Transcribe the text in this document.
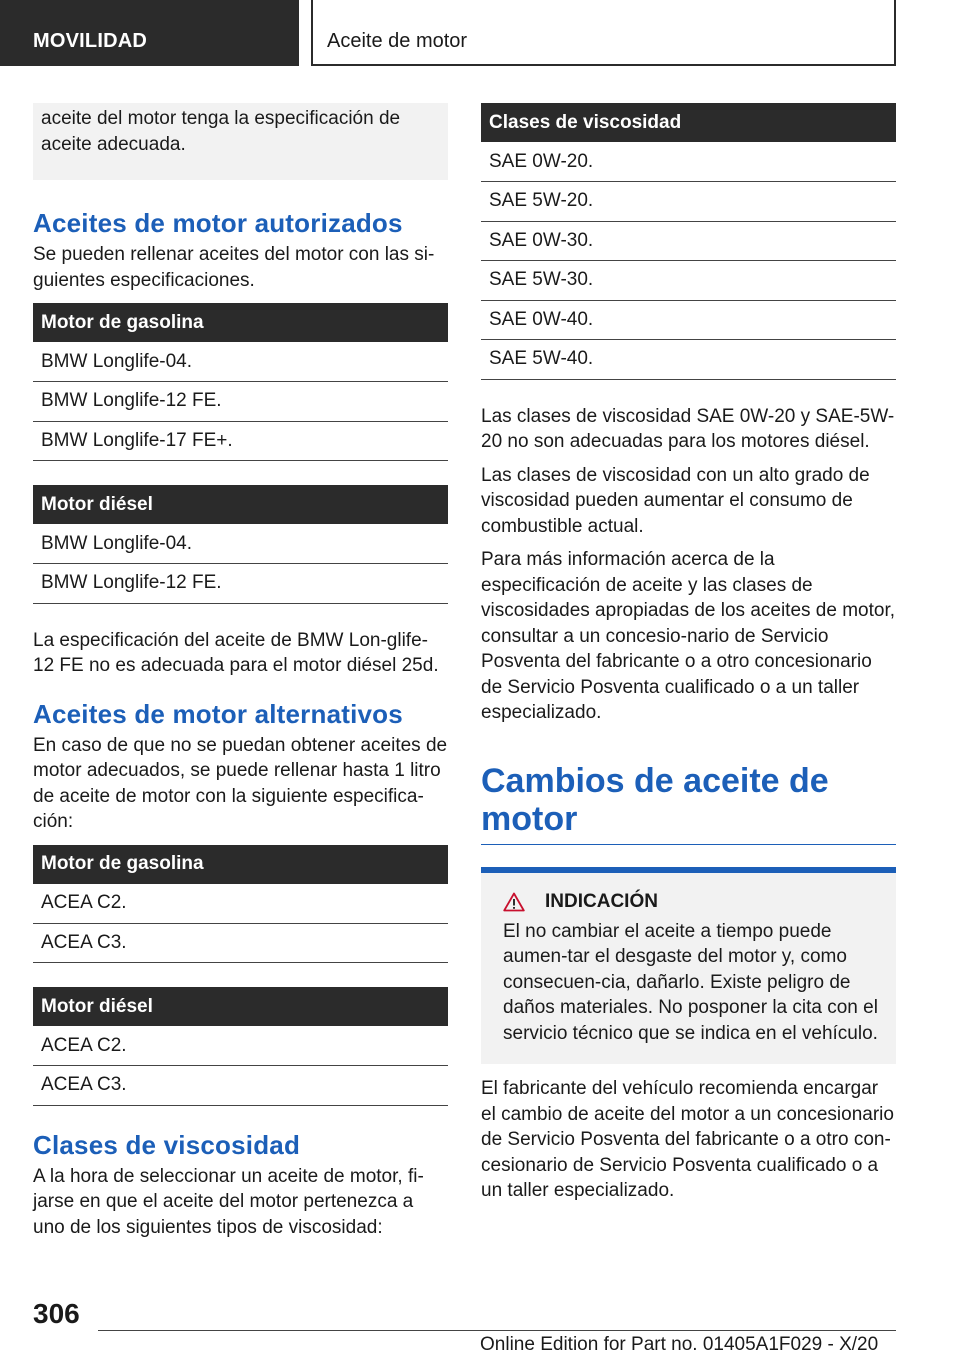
MOVILIDAD	Aceite de motor
aceite del motor tenga la especificación de aceite adecuada.
Aceites de motor autorizados

Se pueden rellenar aceites del motor con las si-guientes especificaciones.

Motor de gasolina
BMW Longlife-04.
BMW Longlife-12 FE.
BMW Longlife-17 FE+.
Motor diésel
BMW Longlife-04.
BMW Longlife-12 FE.

La especificación del aceite de BMW Lon-glife-12 FE no es adecuada para el motor diésel 25d.

Aceites de motor alternativos

En caso de que no se puedan obtener aceites de motor adecuados, se puede rellenar hasta 1 litro de aceite de motor con la siguiente especifica-ción:

Motor de gasolina
ACEA C2.
ACEA C3.
Motor diésel
ACEA C2.
ACEA C3.
Clases de viscosidad

A la hora de seleccionar un aceite de motor, fi-jarse en que el aceite del motor pertenezca a uno de los siguientes tipos de viscosidad:

Clases de viscosidad
SAE 0W-20.
SAE 5W-20.
SAE 0W-30.
SAE 5W-30.
SAE 0W-40.
SAE 5W-40.

Las clases de viscosidad SAE 0W-20 y SAE-5W-20 no son adecuadas para los motores diésel.

Las clases de viscosidad con un alto grado de viscosidad pueden aumentar el consumo de combustible actual.

Para más información acerca de la especificación de aceite y las clases de viscosidades apropiadas de los aceites de motor, consultar a un concesio-nario de Servicio Posventa del fabricante o a otro concesionario de Servicio Posventa cualificado o a un taller especializado.

Cambios de aceite de motor
INDICACIÓN

El no cambiar el aceite a tiempo puede aumen-tar el desgaste del motor y, como consecuen-cia, dañarlo. Existe peligro de daños materiales. No posponer la cita con el servicio técnico que se indica en el vehículo.

El fabricante del vehículo recomienda encargar el cambio de aceite del motor a un concesionario de Servicio Posventa del fabricante o a otro con-cesionario de Servicio Posventa cualificado o a un taller especializado.

306
Online Edition for Part no. 01405A1F029 - X/20
